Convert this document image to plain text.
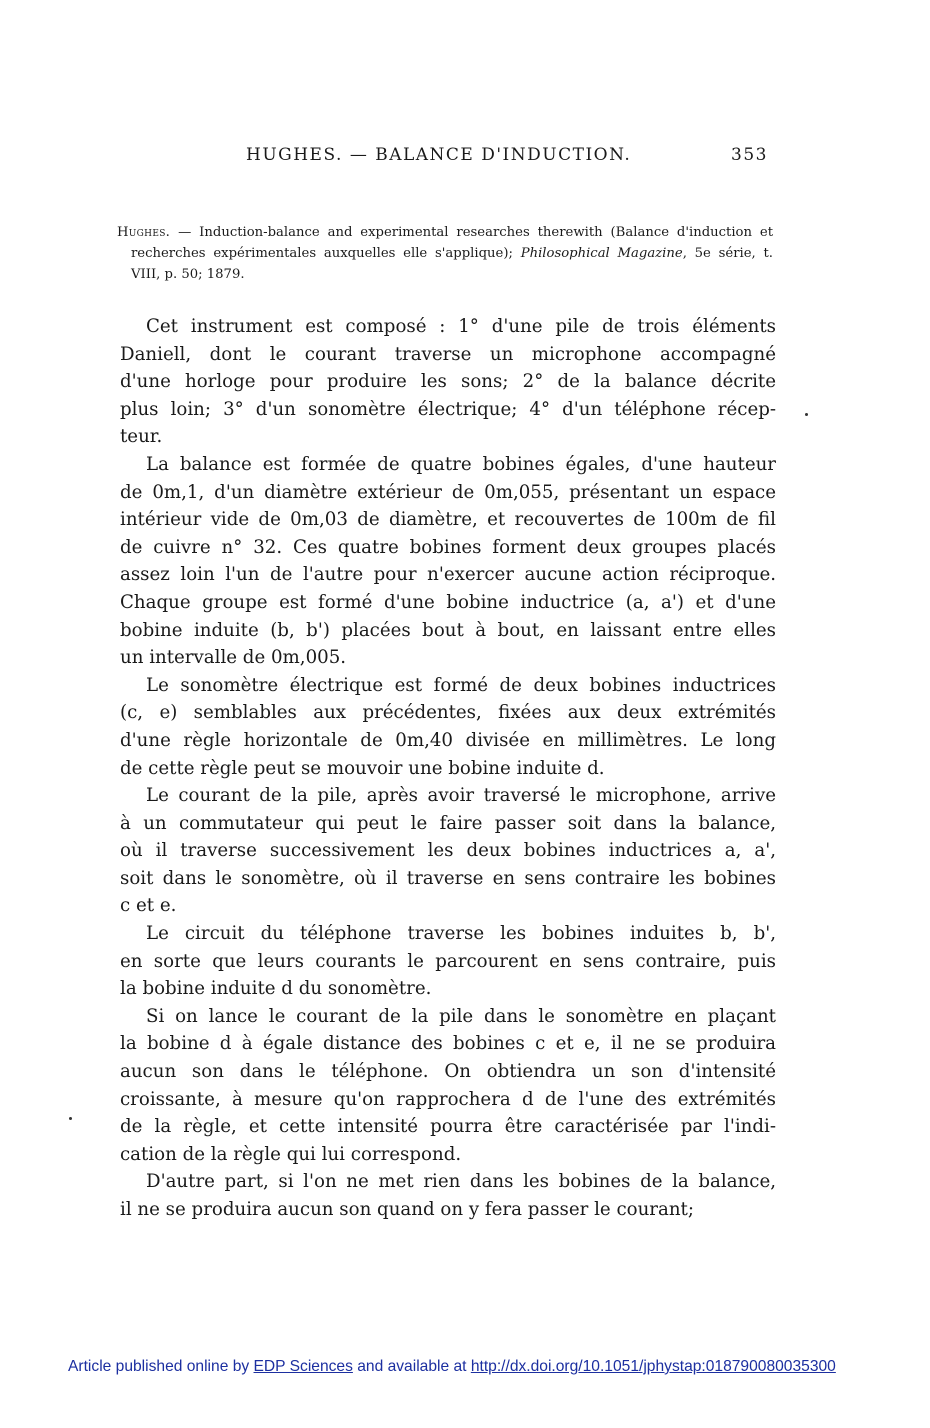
HUGHES. — BALANCE D'INDUCTION.	353
Hughes. — Induction-balance and experimental researches therewith (Balance d'induction et recherches expérimentales auxquelles elle s'applique); Philosophical Magazine, 5e série, t. VIII, p. 50; 1879.
Cet instrument est composé : 1° d'une pile de trois éléments
Daniell, dont le courant traverse un microphone accompagné
d'une horloge pour produire les sons; 2° de la balance décrite
plus loin; 3° d'un sonomètre électrique; 4° d'un téléphone récep-
teur.
La balance est formée de quatre bobines égales, d'une hauteur
de 0m,1, d'un diamètre extérieur de 0m,055, présentant un espace
intérieur vide de 0m,03 de diamètre, et recouvertes de 100m de fil
de cuivre n° 32. Ces quatre bobines forment deux groupes placés
assez loin l'un de l'autre pour n'exercer aucune action réciproque.
Chaque groupe est formé d'une bobine inductrice (a, a') et d'une
bobine induite (b, b') placées bout à bout, en laissant entre elles
un intervalle de 0m,005.
Le sonomètre électrique est formé de deux bobines inductrices
(c, e) semblables aux précédentes, fixées aux deux extrémités
d'une règle horizontale de 0m,40 divisée en millimètres. Le long
de cette règle peut se mouvoir une bobine induite d.
Le courant de la pile, après avoir traversé le microphone, arrive
à un commutateur qui peut le faire passer soit dans la balance,
où il traverse successivement les deux bobines inductrices a, a',
soit dans le sonomètre, où il traverse en sens contraire les bobines
c et e.
Le circuit du téléphone traverse les bobines induites b, b',
en sorte que leurs courants le parcourent en sens contraire, puis
la bobine induite d du sonomètre.
Si on lance le courant de la pile dans le sonomètre en plaçant
la bobine d à égale distance des bobines c et e, il ne se produira
aucun son dans le téléphone. On obtiendra un son d'intensité
croissante, à mesure qu'on rapprochera d de l'une des extrémités
de la règle, et cette intensité pourra être caractérisée par l'indi-
cation de la règle qui lui correspond.
D'autre part, si l'on ne met rien dans les bobines de la balance,
il ne se produira aucun son quand on y fera passer le courant;
Article published online by EDP Sciences and available at http://dx.doi.org/10.1051/jphystap:018790080035300
